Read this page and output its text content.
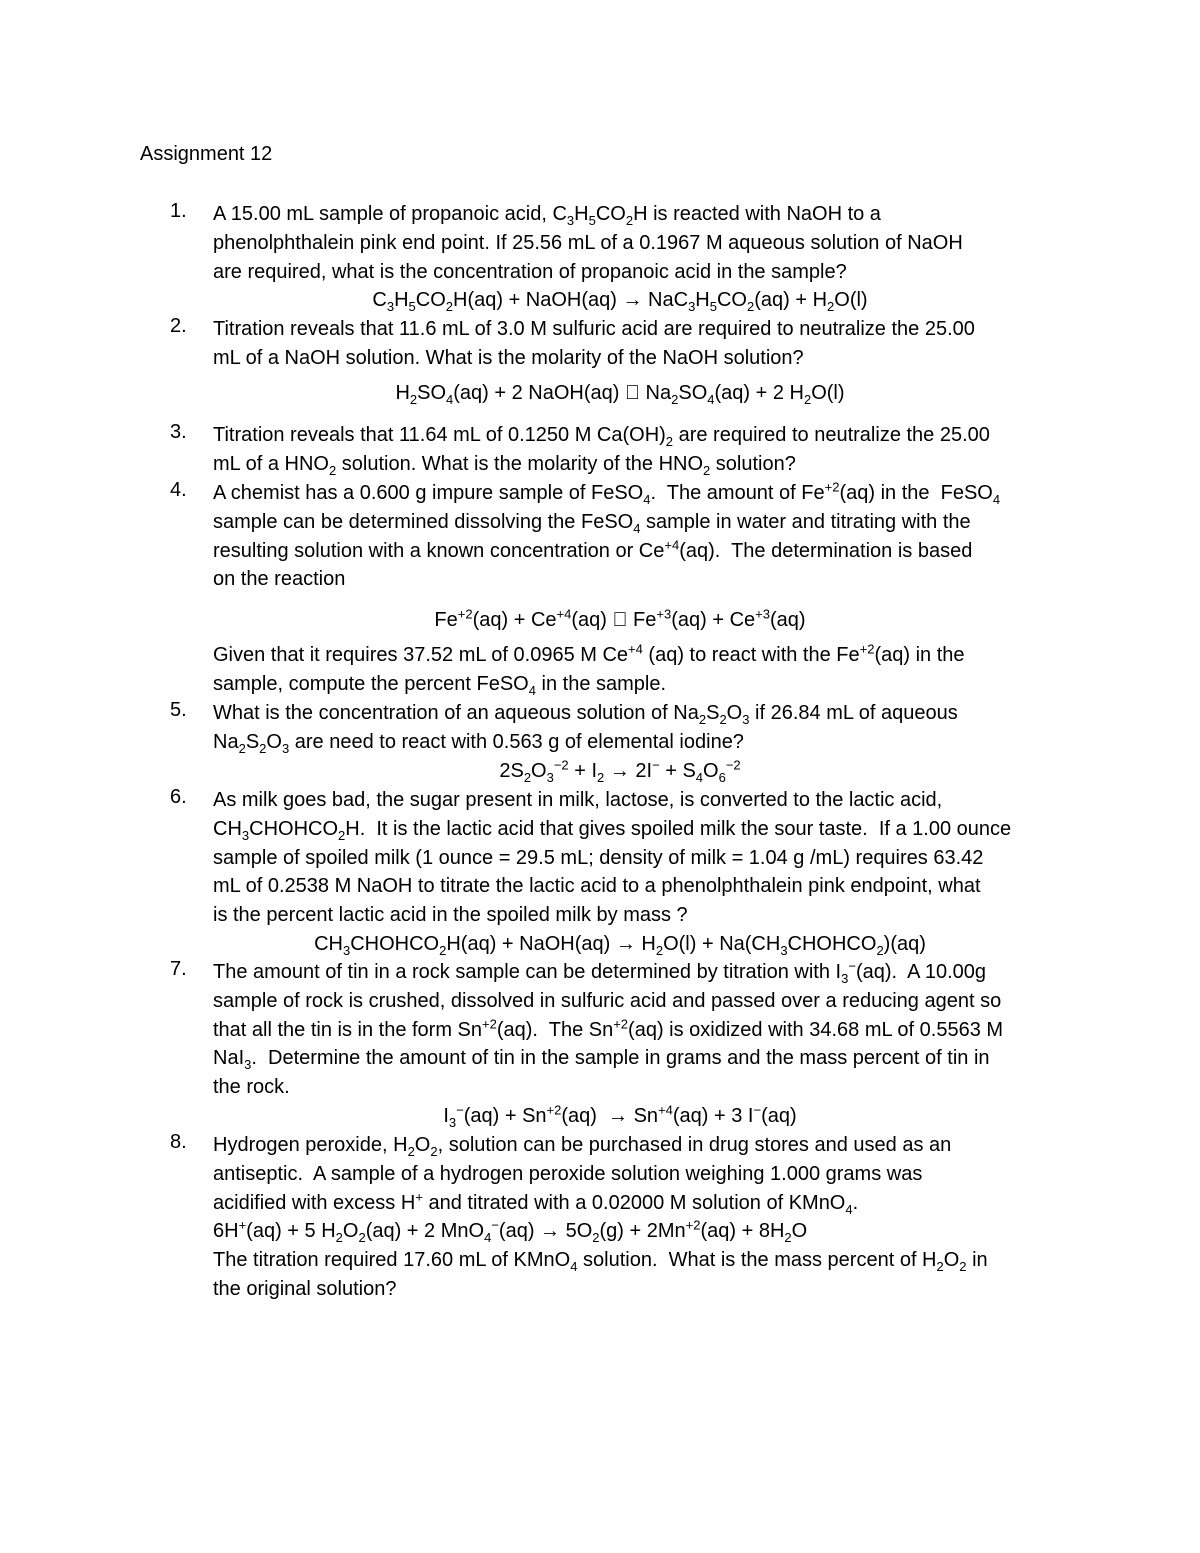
Assignment 12
1. A 15.00 mL sample of propanoic acid, $C_3H_5CO_2H$ is reacted with NaOH to a
phenolphthalein pink end point. If 25.56 mL of a 0.1967 M aqueous solution of NaOH
are required, what is the concentration of propanoic acid in the sample?
$C_3H_5CO_2H(aq)$ + NaOH(aq) → $NaC_3H_5CO_2(aq) + H_2O(l)$
2. Titration reveals that 11.6 mL of 3.0 M sulfuric acid are required to neutralize the 25.00
mL of a NaOH solution. What is the molarity of the NaOH solution?
$H_2SO_4(aq) + 2$ NaOH(aq) ⃞ $Na_2SO_4(aq) + 2$ $H_2O(l)$
3. Titration reveals that 11.64 mL of 0.1250 M $Ca(OH)_2$ are required to neutralize the 25.00
mL of a $HNO_2$ solution. What is the molarity of the $HNO_2$ solution?
4. A chemist has a 0.600 g impure sample of FeSO$_4$.  The amount of $Fe^{+2}(aq)$ in the  FeSO$_4$
sample can be determined dissolving the FeSO$_4$ sample in water and titrating with the
resulting solution with a known concentration or $Ce^{+4}(aq)$.  The determination is based
on the reaction
$Fe^{+2}(aq) + Ce^{+4}(aq)$ ⃞ $Fe^{+3}(aq) + Ce^{+3}(aq)$
Given that it requires 37.52 mL of 0.0965 M $Ce^{+4}$ (aq) to react with the $Fe^{+2}(aq)$ in the
sample, compute the percent FeSO$_4$ in the sample.
5. What is the concentration of an aqueous solution of $Na_2S_2O_3$ if 26.84 mL of aqueous
$Na_2S_2O_3$ are need to react with 0.563 g of elemental iodine?
$2S_2O_3^{-2} + I_2 \to 2I^- + S_4O_6^{-2}$
6. As milk goes bad, the sugar present in milk, lactose, is converted to the lactic acid,
$CH_3CHOHCO_2H$.  It is the lactic acid that gives spoiled milk the sour taste.  If a 1.00 ounce
sample of spoiled milk (1 ounce = 29.5 mL; density of milk = 1.04 g /mL) requires 63.42
mL of 0.2538 M NaOH to titrate the lactic acid to a phenolphthalein pink endpoint, what
is the percent lactic acid in the spoiled milk by mass ?
$CH_3CHOHCO_2H(aq)$ + NaOH(aq) → $H_2O(l)$ + $Na(CH_3CHOHCO_2)(aq)$
7. The amount of tin in a rock sample can be determined by titration with $I_3^-(aq)$.  A 10.00g
sample of rock is crushed, dissolved in sulfuric acid and passed over a reducing agent so
that all the tin is in the form $Sn^{+2}(aq)$.  The $Sn^{+2}(aq)$ is oxidized with 34.68 mL of 0.5563 M
NaI$_3$.  Determine the amount of tin in the sample in grams and the mass percent of tin in
the rock.
$I_3^-(aq) + Sn^{+2}(aq) \to Sn^{+4}(aq) + 3$ I−(aq)
8. Hydrogen peroxide, $H_2O_2$, solution can be purchased in drug stores and used as an
antiseptic.  A sample of a hydrogen peroxide solution weighing 1.000 grams was
acidified with excess H+ and titrated with a 0.02000 M solution of KMnO$_4$.
6H+(aq) + 5 $H_2O_2(aq) + 2$ $MnO_4^-(aq) \to 5O_2(g) + 2Mn^{+2}(aq) + 8H_2O$
The titration required 17.60 mL of KMnO$_4$ solution.  What is the mass percent of $H_2O_2$ in
the original solution?
